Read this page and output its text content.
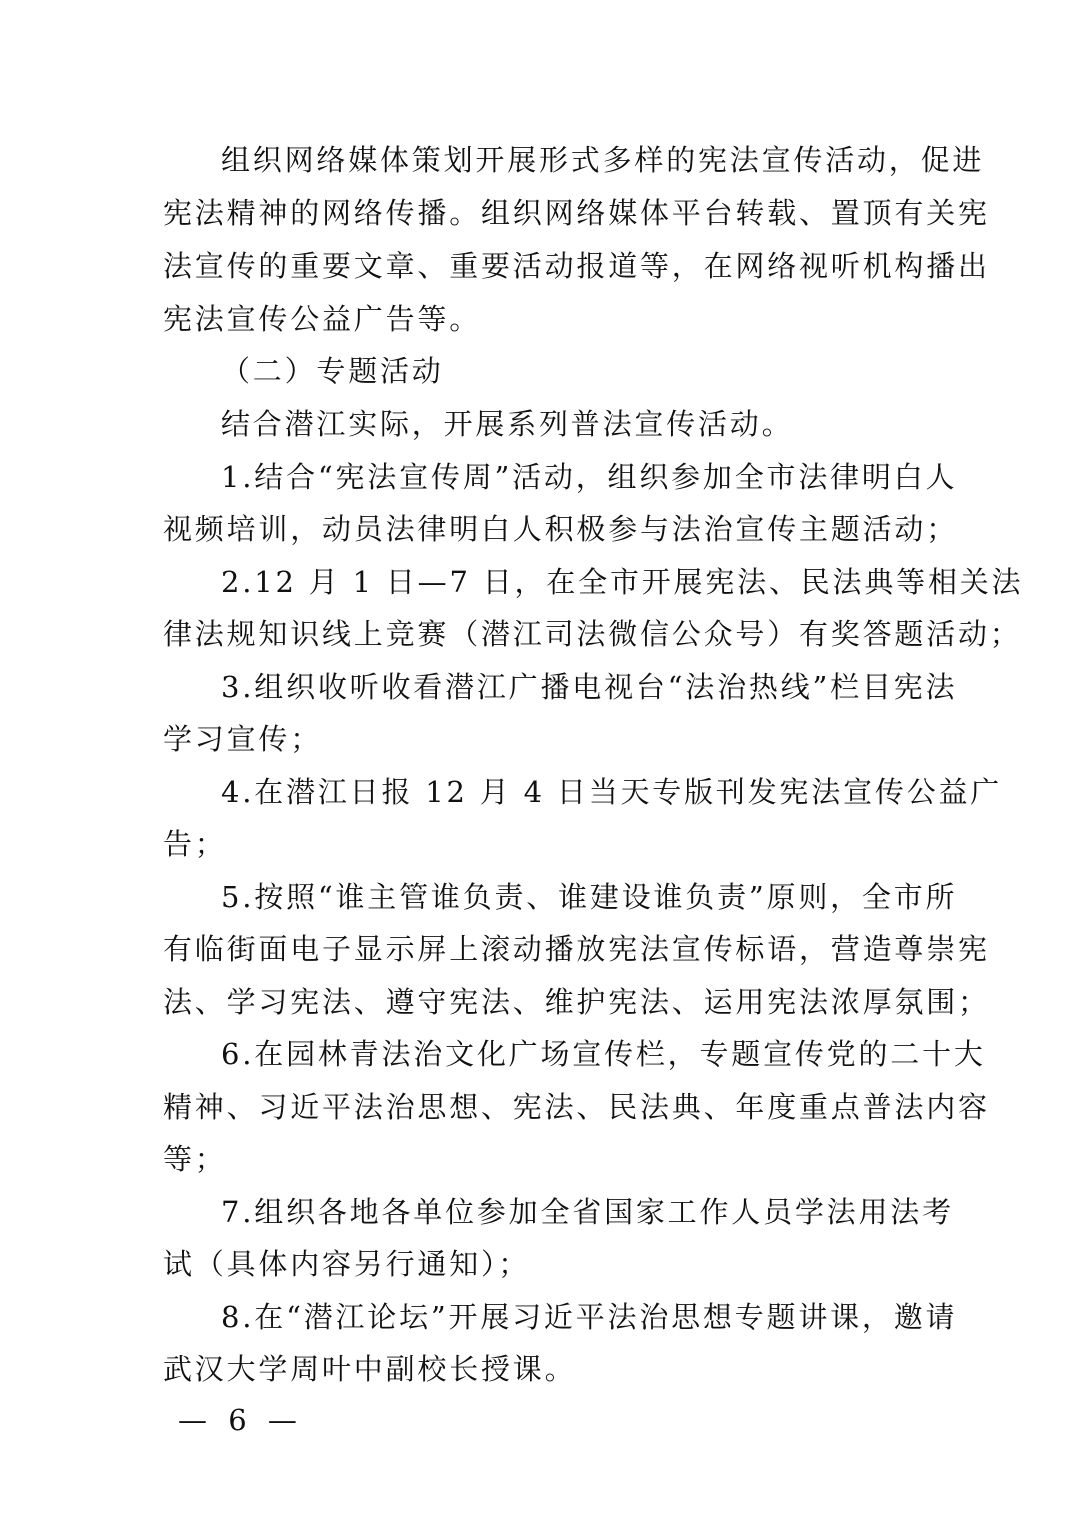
组织网络媒体策划开展形式多样的宪法宣传活动，促进
宪法精神的网络传播。组织网络媒体平台转载、置顶有关宪
法宣传的重要文章、重要活动报道等，在网络视听机构播出
宪法宣传公益广告等。
（二）专题活动
结合潜江实际，开展系列普法宣传活动。
1.结合“宪法宣传周”活动，组织参加全市法律明白人
视频培训，动员法律明白人积极参与法治宣传主题活动；
2.12 月 1 日—7 日，在全市开展宪法、民法典等相关法
律法规知识线上竞赛（潜江司法微信公众号）有奖答题活动；
3.组织收听收看潜江广播电视台“法治热线”栏目宪法
学习宣传；
4.在潜江日报 12 月 4 日当天专版刊发宪法宣传公益广
告；
5.按照“谁主管谁负责、谁建设谁负责”原则，全市所
有临街面电子显示屏上滚动播放宪法宣传标语，营造尊崇宪
法、学习宪法、遵守宪法、维护宪法、运用宪法浓厚氛围；
6.在园林青法治文化广场宣传栏，专题宣传党的二十大
精神、习近平法治思想、宪法、民法典、年度重点普法内容
等；
7.组织各地各单位参加全省国家工作人员学法用法考
试（具体内容另行通知）；
8.在“潜江论坛”开展习近平法治思想专题讲课，邀请
武汉大学周叶中副校长授课。
— 6 —
